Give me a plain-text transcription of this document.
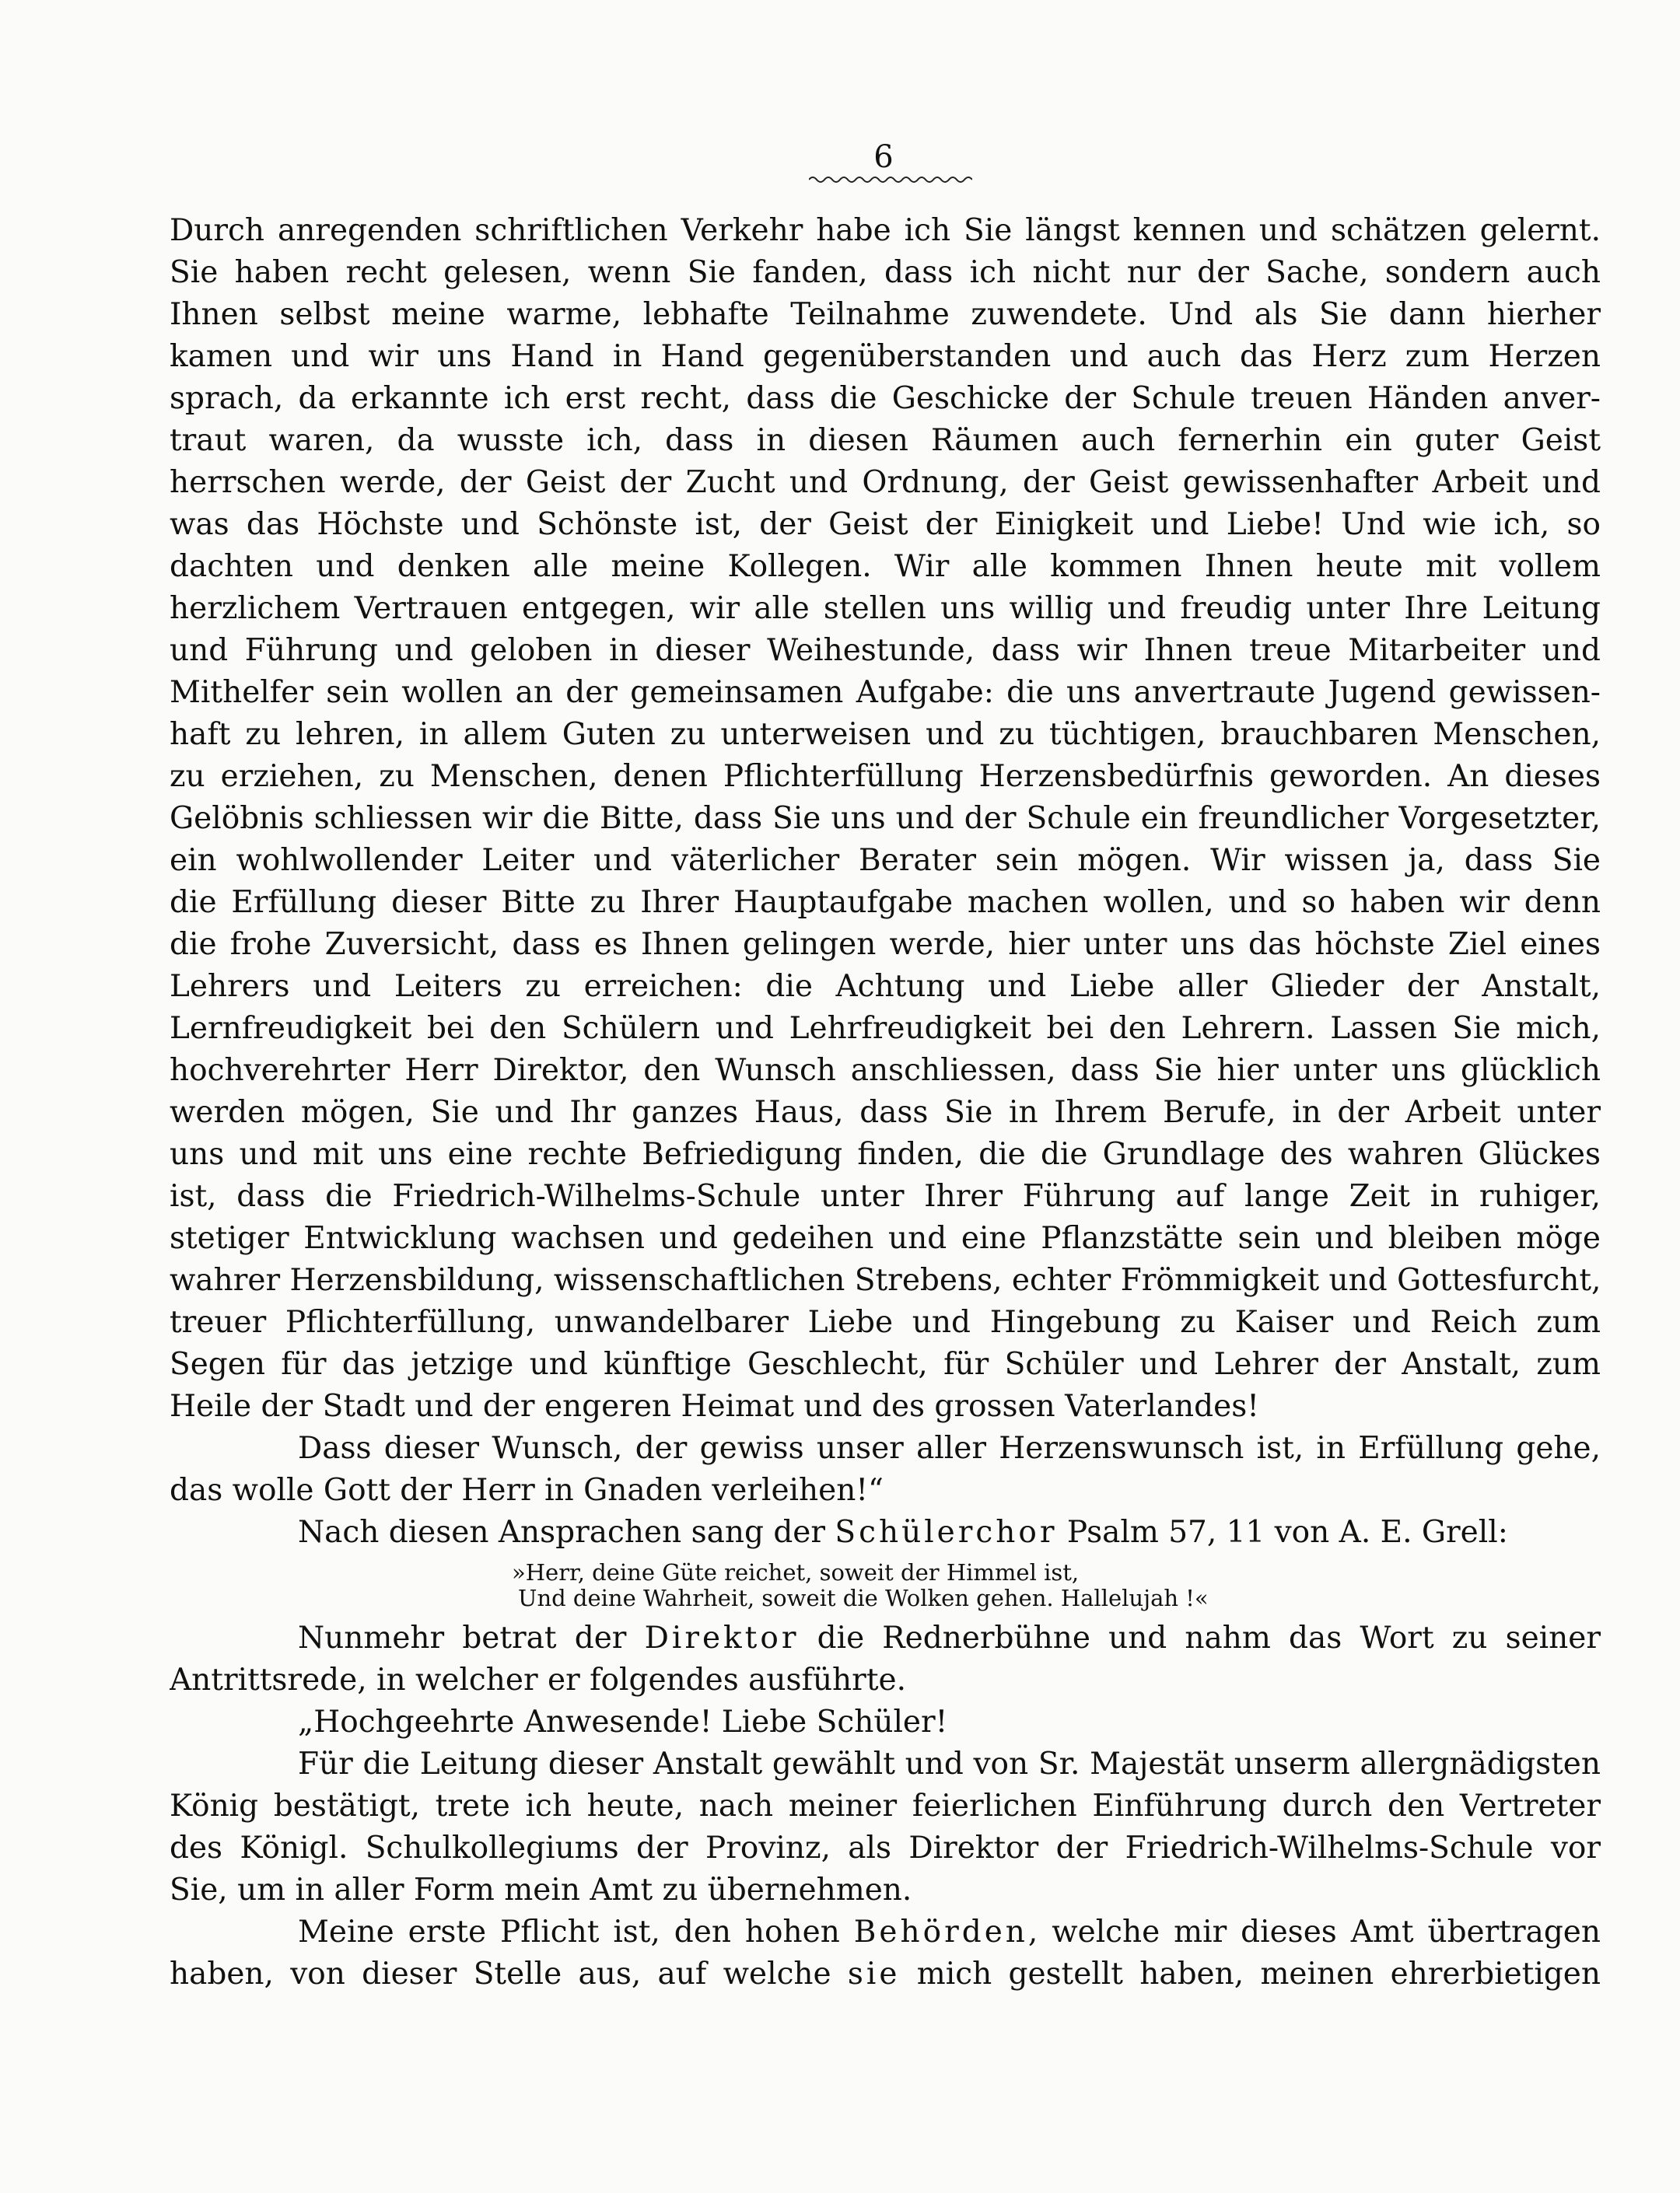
6
Durch anregenden schriftlichen Verkehr habe ich Sie längst kennen und schätzen gelernt.
Sie haben recht gelesen, wenn Sie fanden, dass ich nicht nur der Sache, sondern auch
Ihnen selbst meine warme, lebhafte Teilnahme zuwendete. Und als Sie dann hierher
kamen und wir uns Hand in Hand gegenüberstanden und auch das Herz zum Herzen
sprach, da erkannte ich erst recht, dass die Geschicke der Schule treuen Händen anver-
traut waren, da wusste ich, dass in diesen Räumen auch fernerhin ein guter Geist
herrschen werde, der Geist der Zucht und Ordnung, der Geist gewissenhafter Arbeit und
was das Höchste und Schönste ist, der Geist der Einigkeit und Liebe! Und wie ich, so
dachten und denken alle meine Kollegen. Wir alle kommen Ihnen heute mit vollem
herzlichem Vertrauen entgegen, wir alle stellen uns willig und freudig unter Ihre Leitung
und Führung und geloben in dieser Weihestunde, dass wir Ihnen treue Mitarbeiter und
Mithelfer sein wollen an der gemeinsamen Aufgabe: die uns anvertraute Jugend gewissen-
haft zu lehren, in allem Guten zu unterweisen und zu tüchtigen, brauchbaren Menschen,
zu erziehen, zu Menschen, denen Pflichterfüllung Herzensbedürfnis geworden. An dieses
Gelöbnis schliessen wir die Bitte, dass Sie uns und der Schule ein freundlicher Vorgesetzter,
ein wohlwollender Leiter und väterlicher Berater sein mögen. Wir wissen ja, dass Sie
die Erfüllung dieser Bitte zu Ihrer Hauptaufgabe machen wollen, und so haben wir denn
die frohe Zuversicht, dass es Ihnen gelingen werde, hier unter uns das höchste Ziel eines
Lehrers und Leiters zu erreichen: die Achtung und Liebe aller Glieder der Anstalt,
Lernfreudigkeit bei den Schülern und Lehrfreudigkeit bei den Lehrern. Lassen Sie mich,
hochverehrter Herr Direktor, den Wunsch anschliessen, dass Sie hier unter uns glücklich
werden mögen, Sie und Ihr ganzes Haus, dass Sie in Ihrem Berufe, in der Arbeit unter
uns und mit uns eine rechte Befriedigung finden, die die Grundlage des wahren Glückes
ist, dass die Friedrich-Wilhelms-Schule unter Ihrer Führung auf lange Zeit in ruhiger,
stetiger Entwicklung wachsen und gedeihen und eine Pflanzstätte sein und bleiben möge
wahrer Herzensbildung, wissenschaftlichen Strebens, echter Frömmigkeit und Gottesfurcht,
treuer Pflichterfüllung, unwandelbarer Liebe und Hingebung zu Kaiser und Reich zum
Segen für das jetzige und künftige Geschlecht, für Schüler und Lehrer der Anstalt, zum
Heile der Stadt und der engeren Heimat und des grossen Vaterlandes!
Dass dieser Wunsch, der gewiss unser aller Herzenswunsch ist, in Erfüllung gehe,
das wolle Gott der Herr in Gnaden verleihen!“
Nach diesen Ansprachen sang der Schülerchor Psalm 57, 11 von A. E. Grell:
»Herr, deine Güte reichet, soweit der Himmel ist,
Und deine Wahrheit, soweit die Wolken gehen. Hallelujah !«
Nunmehr betrat der Direktor die Rednerbühne und nahm das Wort zu seiner
Antrittsrede, in welcher er folgendes ausführte.
„Hochgeehrte Anwesende! Liebe Schüler!
Für die Leitung dieser Anstalt gewählt und von Sr. Majestät unserm allergnädigsten
König bestätigt, trete ich heute, nach meiner feierlichen Einführung durch den Vertreter
des Königl. Schulkollegiums der Provinz, als Direktor der Friedrich-Wilhelms-Schule vor
Sie, um in aller Form mein Amt zu übernehmen.
Meine erste Pflicht ist, den hohen Behörden, welche mir dieses Amt übertragen
haben, von dieser Stelle aus, auf welche sie mich gestellt haben, meinen ehrerbietigen
